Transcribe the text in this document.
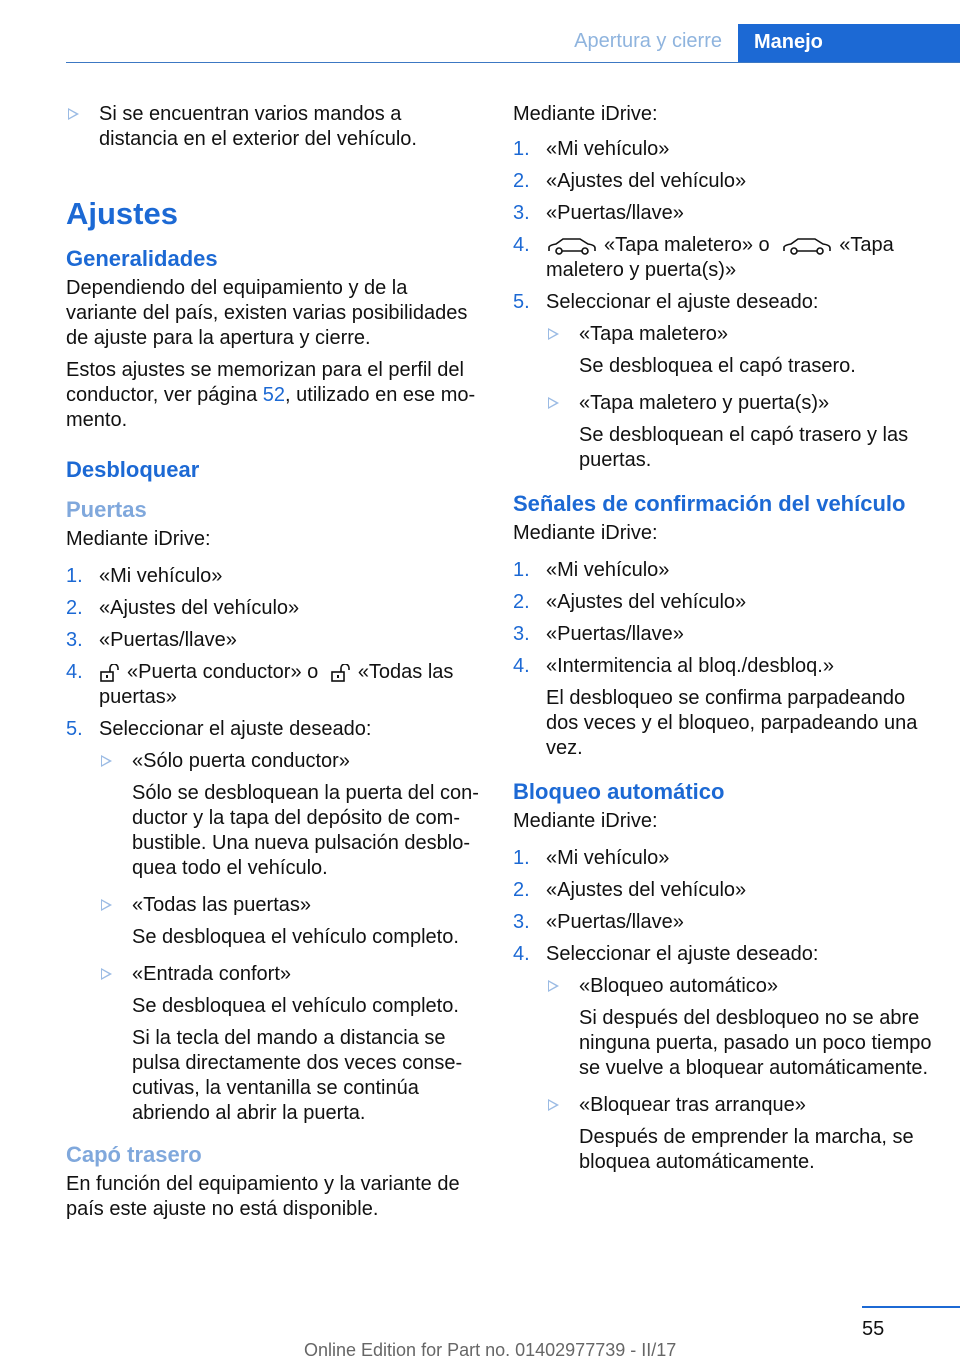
Apertura y cierre	Manejo
Si se encuentran varios mandos a distancia en el exterior del vehículo.
Ajustes
Generalidades
Dependiendo del equipamiento y de la variante del país, existen varias posibilidades de ajuste para la apertura y cierre.
Estos ajustes se memorizan para el perfil del conductor, ver página 52, utilizado en ese momento.
Desbloquear
Puertas
Mediante iDrive:
1. «Mi vehículo»
2. «Ajustes del vehículo»
3. «Puertas/llave»
4. «Puerta conductor» o «Todas las puertas»
5. Seleccionar el ajuste deseado:
«Sólo puerta conductor»
Sólo se desbloquean la puerta del conductor y la tapa del depósito de combustible. Una nueva pulsación desbloquea todo el vehículo.
«Todas las puertas»
Se desbloquea el vehículo completo.
«Entrada confort»
Se desbloquea el vehículo completo.
Si la tecla del mando a distancia se pulsa directamente dos veces consecutivas, la ventanilla se continúa abriendo al abrir la puerta.
Capó trasero
En función del equipamiento y la variante de país este ajuste no está disponible.
Mediante iDrive:
1. «Mi vehículo»
2. «Ajustes del vehículo»
3. «Puertas/llave»
4.	«Tapa maletero» o	«Tapa maletero y puerta(s)»
5. Seleccionar el ajuste deseado:
«Tapa maletero»
Se desbloquea el capó trasero.
«Tapa maletero y puerta(s)»
Se desbloquean el capó trasero y las puertas.
Señales de confirmación del vehículo
Mediante iDrive:
1. «Mi vehículo»
2. «Ajustes del vehículo»
3. «Puertas/llave»
4. «Intermitencia al bloq./desbloq.»
El desbloqueo se confirma parpadeando dos veces y el bloqueo, parpadeando una vez.
Bloqueo automático
Mediante iDrive:
1. «Mi vehículo»
2. «Ajustes del vehículo»
3. «Puertas/llave»
4. Seleccionar el ajuste deseado:
«Bloqueo automático»
Si después del desbloqueo no se abre ninguna puerta, pasado un poco tiempo se vuelve a bloquear automáticamente.
«Bloquear tras arranque»
Después de emprender la marcha, se bloquea automáticamente.
55
Online Edition for Part no. 01402977739 - II/17
